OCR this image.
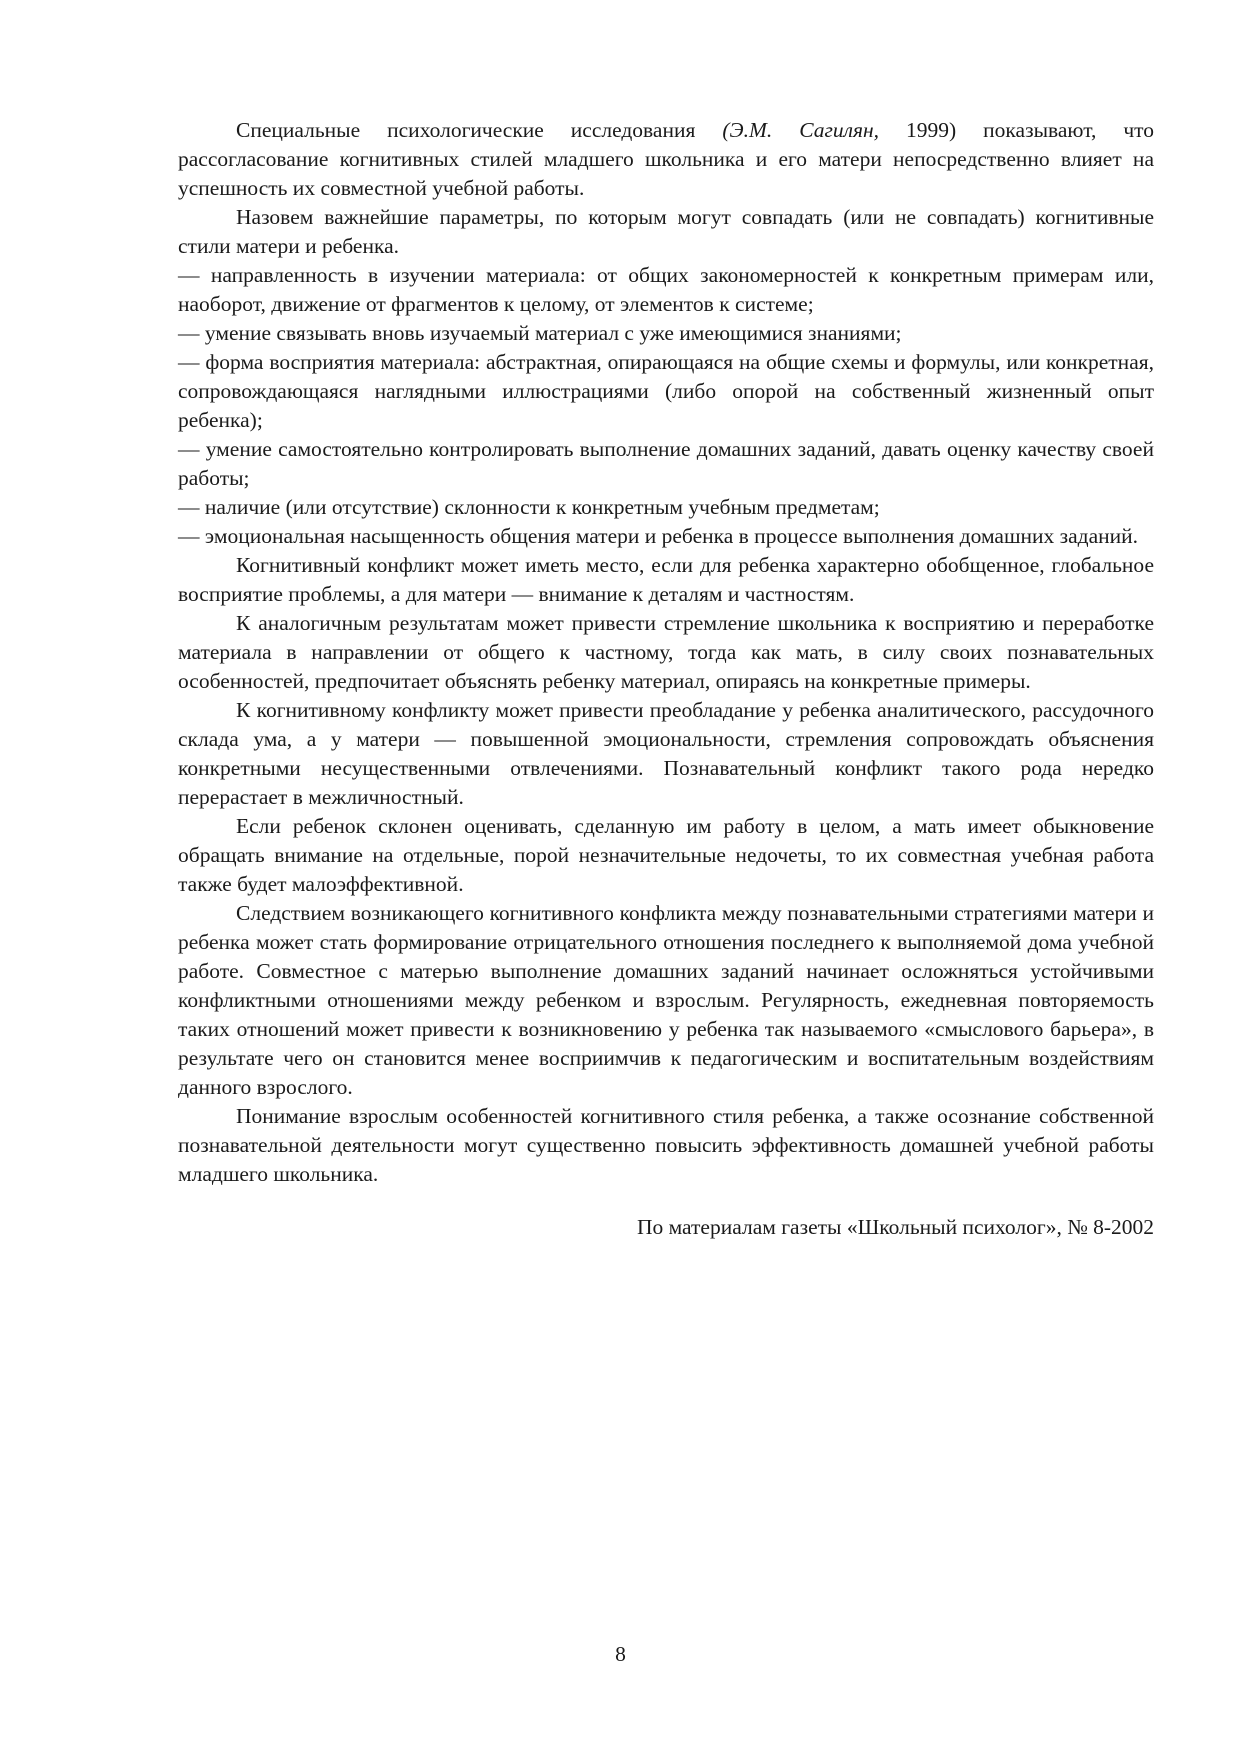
Специальные психологические исследования (Э.М. Сагилян, 1999) показывают, что рассогласование когнитивных стилей младшего школьника и его матери непосредственно влияет на успешность их совместной учебной работы.

Назовем важнейшие параметры, по которым могут совпадать (или не совпадать) когнитивные стили матери и ребенка.

— направленность в изучении материала: от общих закономерностей к конкретным примерам или, наоборот, движение от фрагментов к целому, от элементов к системе;

— умение связывать вновь изучаемый материал с уже имеющимися знаниями;

— форма восприятия материала: абстрактная, опирающаяся на общие схемы и формулы, или конкретная, сопровождающаяся наглядными иллюстрациями (либо опорой на собственный жизненный опыт ребенка);

— умение самостоятельно контролировать выполнение домашних заданий, давать оценку качеству своей работы;

— наличие (или отсутствие) склонности к конкретным учебным предметам;

— эмоциональная насыщенность общения матери и ребенка в процессе выполнения домашних заданий.

Когнитивный конфликт может иметь место, если для ребенка характерно обобщенное, глобальное восприятие проблемы, а для матери — внимание к деталям и частностям.

К аналогичным результатам может привести стремление школьника к восприятию и переработке материала в направлении от общего к частному, тогда как мать, в силу своих познавательных особенностей, предпочитает объяснять ребенку материал, опираясь на конкретные примеры.

К когнитивному конфликту может привести преобладание у ребенка аналитического, рассудочного склада ума, а у матери — повышенной эмоциональности, стремления сопровождать объяснения конкретными несущественными отвлечениями. Познавательный конфликт такого рода нередко перерастает в межличностный.

Если ребенок склонен оценивать, сделанную им работу в целом, а мать имеет обыкновение обращать внимание на отдельные, порой незначительные недочеты, то их совместная учебная работа также будет малоэффективной.

Следствием возникающего когнитивного конфликта между познавательными стратегиями матери и ребенка может стать формирование отрицательного отношения последнего к выполняемой дома учебной работе. Совместное с матерью выполнение домашних заданий начинает осложняться устойчивыми конфликтными отношениями между ребенком и взрослым. Регулярность, ежедневная повторяемость таких отношений может привести к возникновению у ребенка так называемого «смыслового барьера», в результате чего он становится менее восприимчив к педагогическим и воспитательным воздействиям данного взрослого.

Понимание взрослым особенностей когнитивного стиля ребенка, а также осознание собственной познавательной деятельности могут существенно повысить эффективность домашней учебной работы младшего школьника.

По материалам газеты «Школьный психолог», № 8-2002

8
